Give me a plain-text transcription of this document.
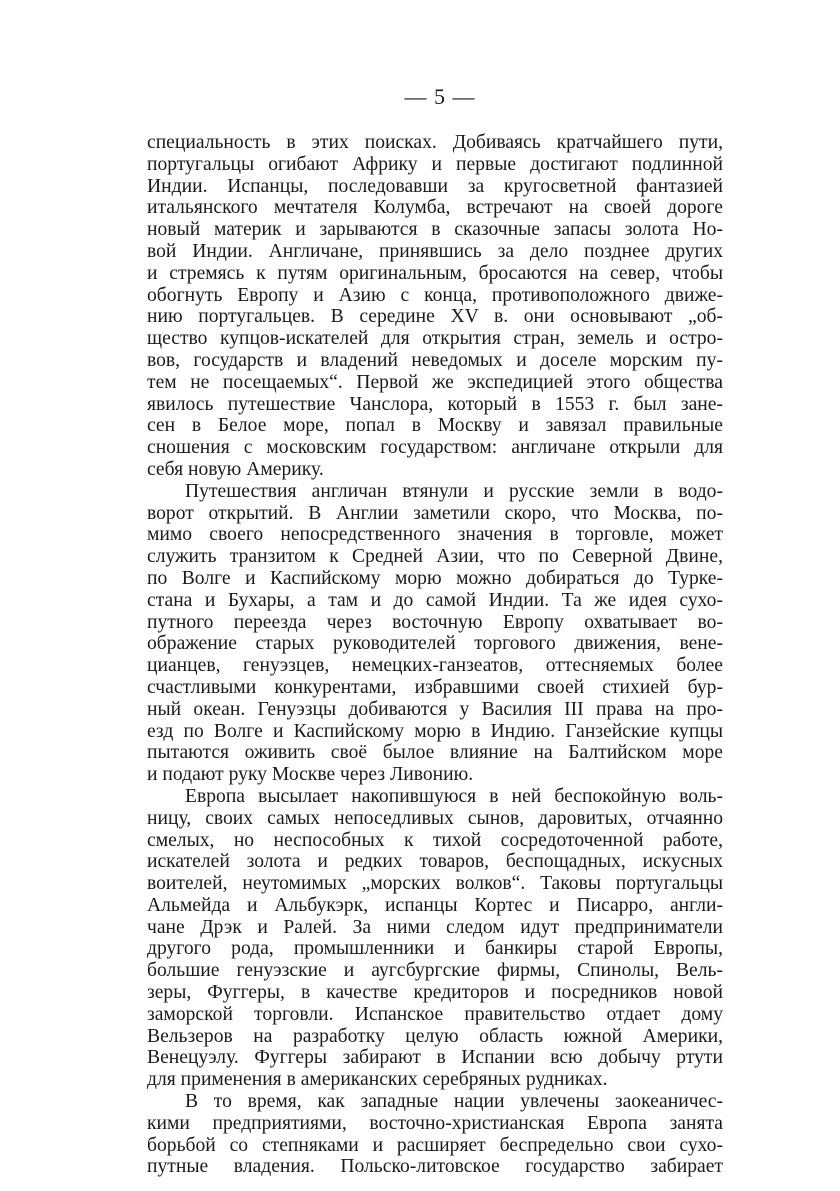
— 5 —
специальность в этих поисках. Добиваясь кратчайшего пути,
португальцы огибают Африку и первые достигают подлинной
Индии. Испанцы, последовавши за кругосветной фантазией
итальянского мечтателя Колумба, встречают на своей дороге
новый материк и зарываются в сказочные запасы золота Но-
вой Индии. Англичане, принявшись за дело позднее других
и стремясь к путям оригинальным, бросаются на север, чтобы
обогнуть Европу и Азию с конца, противоположного движе-
нию португальцев. В середине XV в. они основывают „об-
щество купцов-искателей для открытия стран, земель и остро-
вов, государств и владений неведомых и доселе морским пу-
тем не посещаемых“. Первой же экспедицией этого общества
явилось путешествие Чанслора, который в 1553 г. был зане-
сен в Белое море, попал в Москву и завязал правильные
сношения с московским государством: англичане открыли для
себя новую Америку.
Путешествия англичан втянули и русские земли в водо-
ворот открытий. В Англии заметили скоро, что Москва, по-
мимо своего непосредственного значения в торговле, может
служить транзитом к Средней Азии, что по Северной Двине,
по Волге и Каспийскому морю можно добираться до Турке-
стана и Бухары, а там и до самой Индии. Та же идея сухо-
путного переезда через восточную Европу охватывает во-
ображение старых руководителей торгового движения, вене-
цианцев, генуэзцев, немецких-ганзеатов, оттесняемых более
счастливыми конкурентами, избравшими своей стихией бур-
ный океан. Генуэзцы добиваются у Василия III права на про-
езд по Волге и Каспийскому морю в Индию. Ганзейские купцы
пытаются оживить своё былое влияние на Балтийском море
и подают руку Москве через Ливонию.
Европа высылает накопившуюся в ней беспокойную воль-
ницу, своих самых непоседливых сынов, даровитых, отчаянно
смелых, но неспособных к тихой сосредоточенной работе,
искателей золота и редких товаров, беспощадных, искусных
воителей, неутомимых „морских волков“. Таковы португальцы
Альмейда и Альбукэрк, испанцы Кортес и Писарро, англи-
чане Дрэк и Ралей. За ними следом идут предприниматели
другого рода, промышленники и банкиры старой Европы,
большие генуэзские и аугсбургские фирмы, Спинолы, Вель-
зеры, Фуггеры, в качестве кредиторов и посредников новой
заморской торговли. Испанское правительство отдает дому
Вельзеров на разработку целую область южной Америки,
Венецуэлу. Фуггеры забирают в Испании всю добычу ртути
для применения в американских серебряных рудниках.
В то время, как западные нации увлечены заокеаничес-
кими предприятиями, восточно-христианская Европа занята
борьбой со степняками и расширяет беспредельно свои сухо-
путные владения. Польско-литовское государство забирает
